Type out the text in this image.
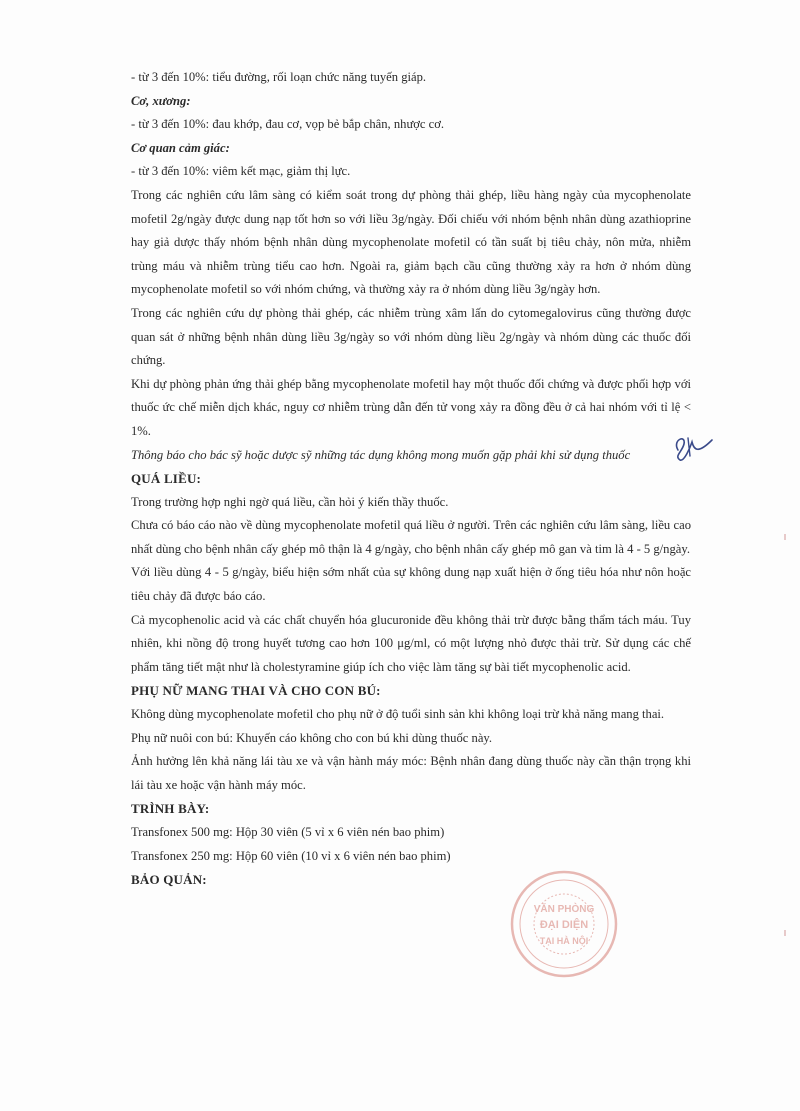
- từ 3 đến 10%: tiểu đường, rối loạn chức năng tuyến giáp.

Cơ, xương:

- từ 3 đến 10%: đau khớp, đau cơ, vọp bẻ bắp chân, nhược cơ.

Cơ quan cảm giác:

- từ 3 đến 10%: viêm kết mạc, giảm thị lực.

Trong các nghiên cứu lâm sàng có kiểm soát trong dự phòng thải ghép, liều hàng ngày của mycophenolate mofetil 2g/ngày được dung nạp tốt hơn so với liều 3g/ngày. Đối chiếu với nhóm bệnh nhân dùng azathioprine hay giả dược thấy nhóm bệnh nhân dùng mycophenolate mofetil có tần suất bị tiêu chảy, nôn mửa, nhiễm trùng máu và nhiễm trùng tiểu cao hơn. Ngoài ra, giảm bạch cầu cũng thường xảy ra hơn ở nhóm dùng mycophenolate mofetil so với nhóm chứng, và thường xảy ra ở nhóm dùng liều 3g/ngày hơn.

Trong các nghiên cứu dự phòng thải ghép, các nhiễm trùng xâm lấn do cytomegalovirus cũng thường được quan sát ở những bệnh nhân dùng liều 3g/ngày so với nhóm dùng liều 2g/ngày và nhóm dùng các thuốc đối chứng.

Khi dự phòng phản ứng thải ghép bằng mycophenolate mofetil hay một thuốc đối chứng và được phối hợp với thuốc ức chế miễn dịch khác, nguy cơ nhiễm trùng dẫn đến tử vong xảy ra đồng đều ở cả hai nhóm với tỉ lệ < 1%.

Thông báo cho bác sỹ hoặc dược sỹ những tác dụng không mong muốn gặp phải khi sử dụng thuốc

QUÁ LIỀU:

Trong trường hợp nghi ngờ quá liều, cần hỏi ý kiến thầy thuốc.

Chưa có báo cáo nào về dùng mycophenolate mofetil quá liều ở người. Trên các nghiên cứu lâm sàng, liều cao nhất dùng cho bệnh nhân cấy ghép mô thận là 4 g/ngày, cho bệnh nhân cấy ghép mô gan và tim là 4 - 5 g/ngày.

Với liều dùng 4 - 5 g/ngày, biểu hiện sớm nhất của sự không dung nạp xuất hiện ở ống tiêu hóa như nôn hoặc tiêu chảy đã được báo cáo.

Cả mycophenolic acid và các chất chuyển hóa glucuronide đều không thải trừ được bằng thẩm tách máu. Tuy nhiên, khi nồng độ trong huyết tương cao hơn 100 μg/ml, có một lượng nhỏ được thải trừ. Sử dụng các chế phẩm tăng tiết mật như là cholestyramine giúp ích cho việc làm tăng sự bài tiết mycophenolic acid.

PHỤ NỮ MANG THAI VÀ CHO CON BÚ:

Không dùng mycophenolate mofetil cho phụ nữ ở độ tuổi sinh sản khi không loại trừ khả năng mang thai.

Phụ nữ nuôi con bú: Khuyến cáo không cho con bú khi dùng thuốc này.

Ảnh hưởng lên khả năng lái tàu xe và vận hành máy móc: Bệnh nhân đang dùng thuốc này cần thận trọng khi lái tàu xe hoặc vận hành máy móc.

TRÌNH BÀY:

Transfonex 500 mg: Hộp 30 viên (5 vỉ x 6 viên nén bao phim)

Transfonex 250 mg: Hộp 60 viên (10 vỉ x 6 viên nén bao phim)

BẢO QUẢN:

VĂN PHÒNG
ĐẠI DIỆN
TẠI HÀ NỘI
